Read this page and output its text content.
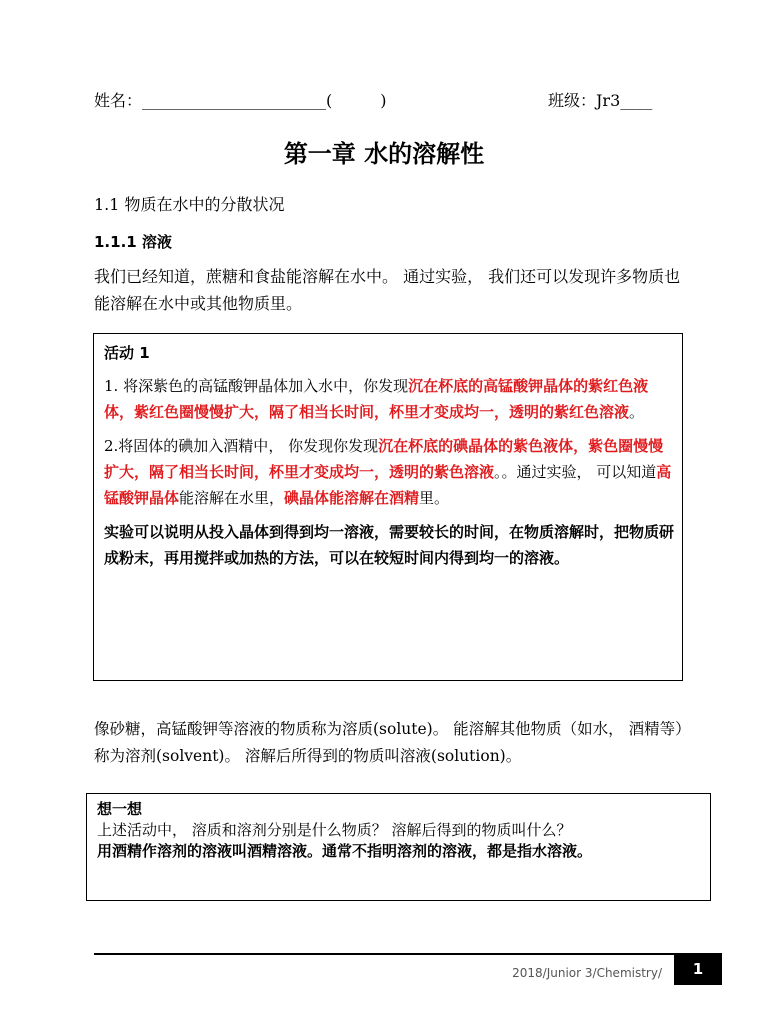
姓名：_______________________(　　　)	班级：Jr3____
第一章 水的溶解性
1.1 物质在水中的分散状况
1.1.1 溶液
我们已经知道，蔗糖和食盐能溶解在水中。 通过实验， 我们还可以发现许多物质也能溶解在水中或其他物质里。
活动 1

1. 将深紫色的高锰酸钾晶体加入水中，你发现沉在杯底的高锰酸钾晶体的紫红色液体，紫红色圈慢慢扩大，隔了相当长时间，杯里才变成均一，透明的紫红色溶液。

2.将固体的碘加入酒精中， 你发现你发现沉在杯底的碘晶体的紫色液体，紫色圈慢慢扩大，隔了相当长时间，杯里才变成均一，透明的紫色溶液。。通过实验， 可以知道高锰酸钾晶体能溶解在水里，碘晶体能溶解在酒精里。

实验可以说明从投入晶体到得到均一溶液，需要较长的时间，在物质溶解时，把物质研成粉末，再用搅拌或加热的方法，可以在较短时间内得到均一的溶液。

像砂糖，高锰酸钾等溶液的物质称为溶质(solute)。 能溶解其他物质（如水， 酒精等）称为溶剂(solvent)。 溶解后所得到的物质叫溶液(solution)。
想一想
上述活动中， 溶质和溶剂分别是什么物质？ 溶解后得到的物质叫什么？
用酒精作溶剂的溶液叫酒精溶液。通常不指明溶剂的溶液，都是指水溶液。
2018/Junior 3/Chemistry/	1
